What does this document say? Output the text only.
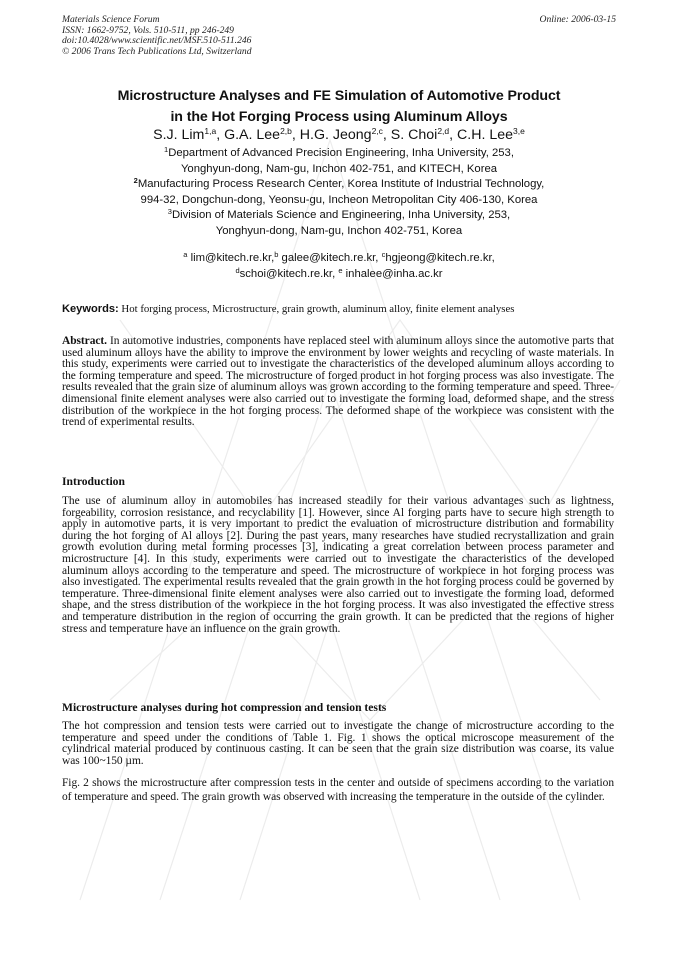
Materials Science Forum
ISSN: 1662-9752, Vols. 510-511, pp 246-249
doi:10.4028/www.scientific.net/MSF.510-511.246
© 2006 Trans Tech Publications Ltd, Switzerland
Online: 2006-03-15
Microstructure Analyses and FE Simulation of Automotive Product
in the Hot Forging Process using Aluminum Alloys
S.J. Lim$^{1,a}$, G.A. Lee$^{2,b}$, H.G. Jeong$^{2,c}$, S. Choi$^{2,d}$, C.H. Lee$^{3,e}$
$^1$Department of Advanced Precision Engineering, Inha University, 253,
Yonghyun-dong, Nam-gu, Inchon 402-751, and KITECH, Korea
$^2$Manufacturing Process Research Center, Korea Institute of Industrial Technology,
994-32, Dongchun-dong, Yeonsu-gu, Incheon Metropolitan City 406-130, Korea
$^3$Division of Materials Science and Engineering, Inha University, 253,
Yonghyun-dong, Nam-gu, Inchon 402-751, Korea
$^a$ lim@kitech.re.kr,$^b$ galee@kitech.re.kr, $^c$hgjeong@kitech.re.kr,
$^d$schoi@kitech.re.kr, $^e$ inhalee@inha.ac.kr
Keywords: Hot forging process, Microstructure, grain growth, aluminum alloy, finite element analyses
Abstract. In automotive industries, components have replaced steel with aluminum alloys since the automotive parts that used aluminum alloys have the ability to improve the environment by lower weights and recycling of waste materials. In this study, experiments were carried out to investigate the characteristics of the developed aluminum alloys according to the forming temperature and speed. The microstructure of forged product in hot forging process was also investigate. The results revealed that the grain size of aluminum alloys was grown according to the forming temperature and speed. Three-dimensional finite element analyses were also carried out to investigate the forming load, deformed shape, and the stress distribution of the workpiece in the hot forging process. The deformed shape of the workpiece was consistent with the trend of experimental results.
Introduction
The use of aluminum alloy in automobiles has increased steadily for their various advantages such as lightness, forgeability, corrosion resistance, and recyclability [1]. However, since Al forging parts have to secure high strength to apply in automotive parts, it is very important to predict the evaluation of microstructure distribution and formability during the hot forging of Al alloys [2]. During the past years, many researches have studied recrystallization and grain growth evolution during metal forming processes [3], indicating a great correlation between process parameter and microstructure [4]. In this study, experiments were carried out to investigate the characteristics of the developed aluminum alloys according to the temperature and speed. The microstructure of workpiece in hot forging process was also investigated. The experimental results revealed that the grain growth in the hot forging process could be governed by temperature. Three-dimensional finite element analyses were also carried out to investigate the forming load, deformed shape, and the stress distribution of the workpiece in the hot forging process. It was also investigated the effective stress and temperature distribution in the region of occurring the grain growth. It can be predicted that the regions of higher stress and temperature have an influence on the grain growth.
Microstructure analyses during hot compression and tension tests
The hot compression and tension tests were carried out to investigate the change of microstructure according to the temperature and speed under the conditions of Table 1. Fig. 1 shows the optical microscope measurement of the cylindrical material produced by continuous casting. It can be seen that the grain size distribution was coarse, its value was 100~150 µm.
Fig. 2 shows the microstructure after compression tests in the center and outside of specimens according to the variation of temperature and speed. The grain growth was observed with increasing the temperature in the outside of the cylinder.
